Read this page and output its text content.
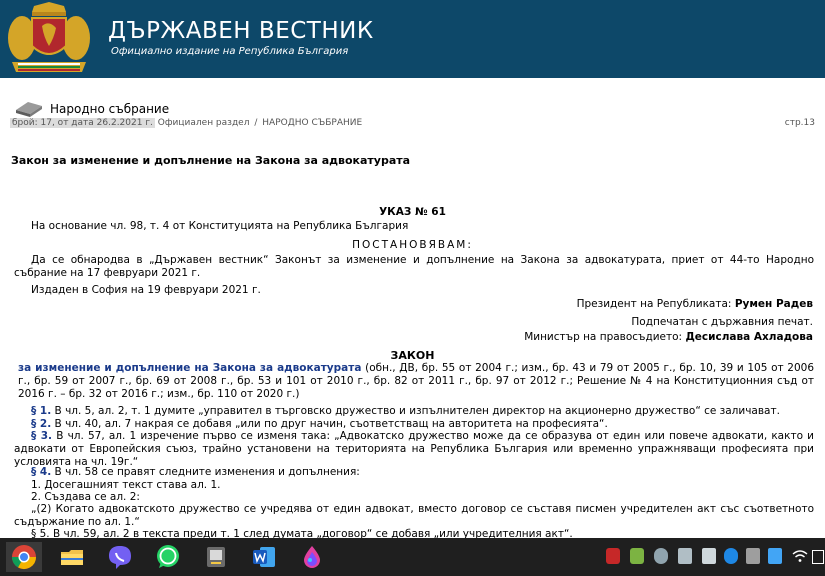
ДЪРЖАВЕН ВЕСТНИК
Официално издание на Република България
Народно събрание
брой: 17, от дата 26.2.2021 г. Официален раздел / НАРОДНО СЪБРАНИЕ	стр.13
Закон за изменение и допълнение на Закона за адвокатурата
УКАЗ № 61
На основание чл. 98, т. 4 от Конституцията на Република България
ПОСТАНОВЯВАМ:
Да се обнародва в „Държавен вестник“ Законът за изменение и допълнение на Закона за адвокатурата, приет от 44-то Народно събрание на 17 февруари 2021 г.
Издаден в София на 19 февруари 2021 г.
Президент на Републиката: Румен Радев
Подпечатан с държавния печат.
Министър на правосъдието: Десислава Ахладова
ЗАКОН
за изменение и допълнение на Закона за адвокатурата (обн., ДВ, бр. 55 от 2004 г.; изм., бр. 43 и 79 от 2005 г., бр. 10, 39 и 105 от 2006 г., бр. 59 от 2007 г., бр. 69 от 2008 г., бр. 53 и 101 от 2010 г., бр. 82 от 2011 г., бр. 97 от 2012 г.; Решение № 4 на Конституционния съд от 2016 г. – бр. 32 от 2016 г.; изм., бр. 110 от 2020 г.)
§ 1. В чл. 5, ал. 2, т. 1 думите „управител в търговско дружество и изпълнителен директор на акционерно дружество“ се заличават.
§ 2. В чл. 40, ал. 7 накрая се добавя „или по друг начин, съответстващ на авторитета на професията“.
§ 3. В чл. 57, ал. 1 изречение първо се изменя така: „Адвокатско дружество може да се образува от един или повече адвокати, както и адвокати от Европейския съюз, трайно установени на територията на Република България или временно упражняващи професията при условията на чл. 19г.“
§ 4. В чл. 58 се правят следните изменения и допълнения:
1. Досегашният текст става ал. 1.
2. Създава се ал. 2:
„(2) Когато адвокатското дружество се учредява от един адвокат, вместо договор се съставя писмен учредителен акт със съответното съдържание по ал. 1.“
§ 5. В чл. 59, ал. 2 в текста преди т. 1 след думата „договор“ се добавя „или учредителния акт“.
